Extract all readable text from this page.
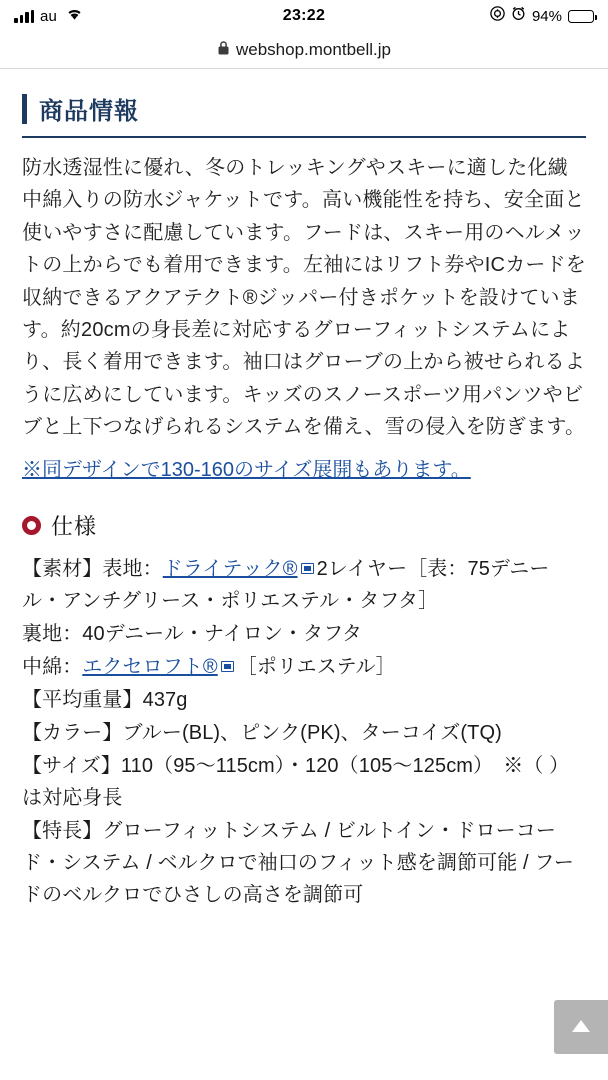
au	23:22	94%
webshop.montbell.jp
商品情報
防水透湿性に優れ、冬のトレッキングやスキーに適した化繊中綿入りの防水ジャケットです。高い機能性を持ち、安全面と使いやすさに配慮しています。フードは、スキー用のヘルメットの上からでも着用できます。左袖にはリフト券やICカードを収納できるアクアテクト®ジッパー付きポケットを設けています。約20cmの身長差に対応するグローフィットシステムにより、長く着用できます。袖口はグローブの上から被せられるように広めにしています。キッズのスノースポーツ用パンツやビブと上下つなげられるシステムを備え、雪の侵入を防ぎます。
※同デザインで130-160のサイズ展開もあります。
仕様

【素材】表地：ドライテック® 2レイヤー［表：75デニール・アンチグリース・ポリエステル・タフタ］

裏地：40デニール・ナイロン・タフタ

中綿：エクセロフト® ［ポリエステル］

【平均重量】437g

【カラー】ブルー(BL)、ピンク(PK)、ターコイズ(TQ)

【サイズ】110（95〜115cm）・120（105〜125cm）　※（ ）は対応身長

【特長】グローフィットシステム / ビルトイン・ドローコード・システム / ベルクロで袖口のフィット感を調節可能 / フードのベルクロでひさしの高さを調節可
